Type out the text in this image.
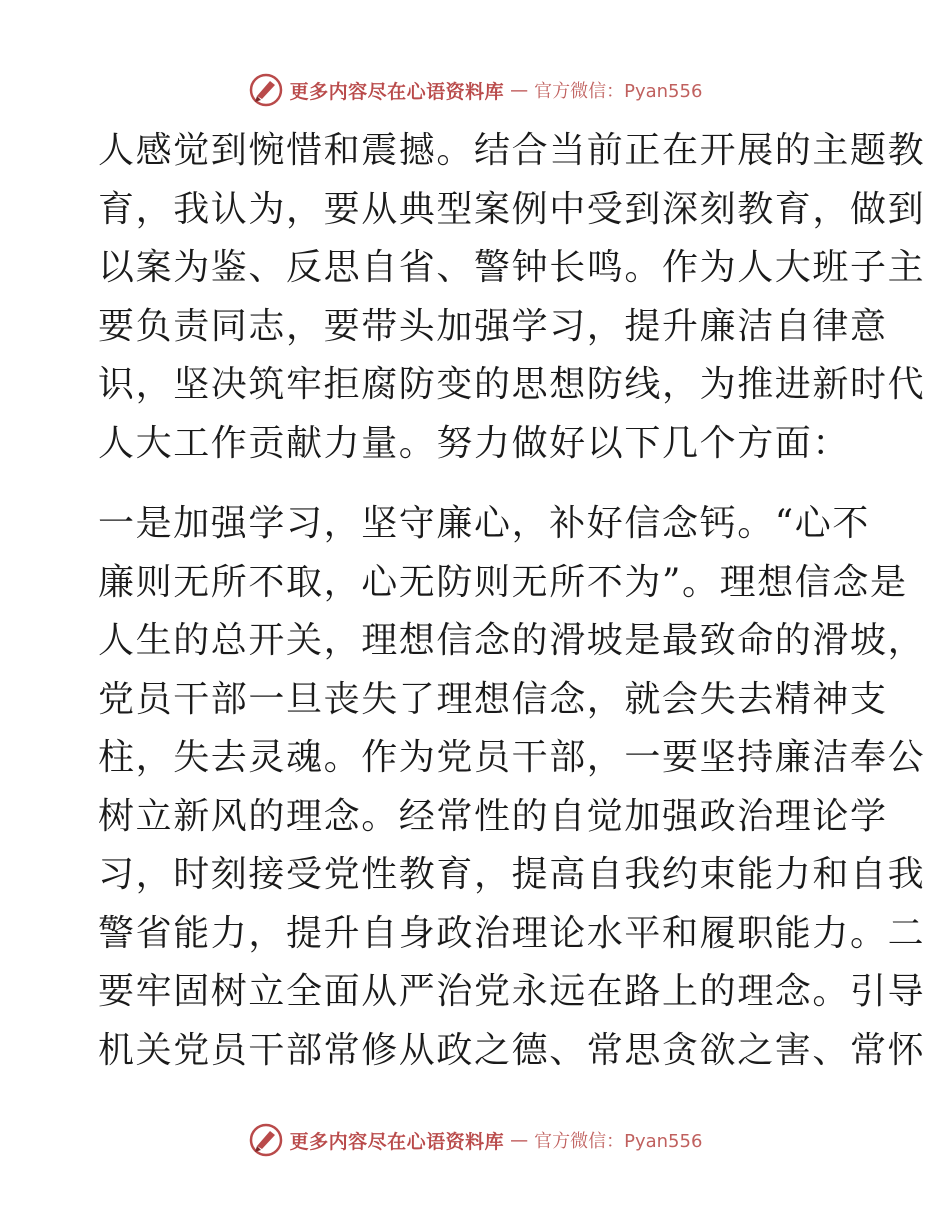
更多内容尽在心语资料库 — 官方微信：Pyan556
人感觉到惋惜和震撼。结合当前正在开展的主题教
育，我认为，要从典型案例中受到深刻教育，做到
以案为鉴、反思自省、警钟长鸣。作为人大班子主
要负责同志，要带头加强学习，提升廉洁自律意
识，坚决筑牢拒腐防变的思想防线，为推进新时代
人大工作贡献力量。努力做好以下几个方面：
一是加强学习，坚守廉心，补好信念钙。“心不
廉则无所不取，心无防则无所不为”。理想信念是
人生的总开关，理想信念的滑坡是最致命的滑坡，
党员干部一旦丧失了理想信念，就会失去精神支
柱，失去灵魂。作为党员干部，一要坚持廉洁奉公
树立新风的理念。经常性的自觉加强政治理论学
习，时刻接受党性教育，提高自我约束能力和自我
警省能力，提升自身政治理论水平和履职能力。二
要牢固树立全面从严治党永远在路上的理念。引导
机关党员干部常修从政之德、常思贪欲之害、常怀
更多内容尽在心语资料库 — 官方微信：Pyan556
